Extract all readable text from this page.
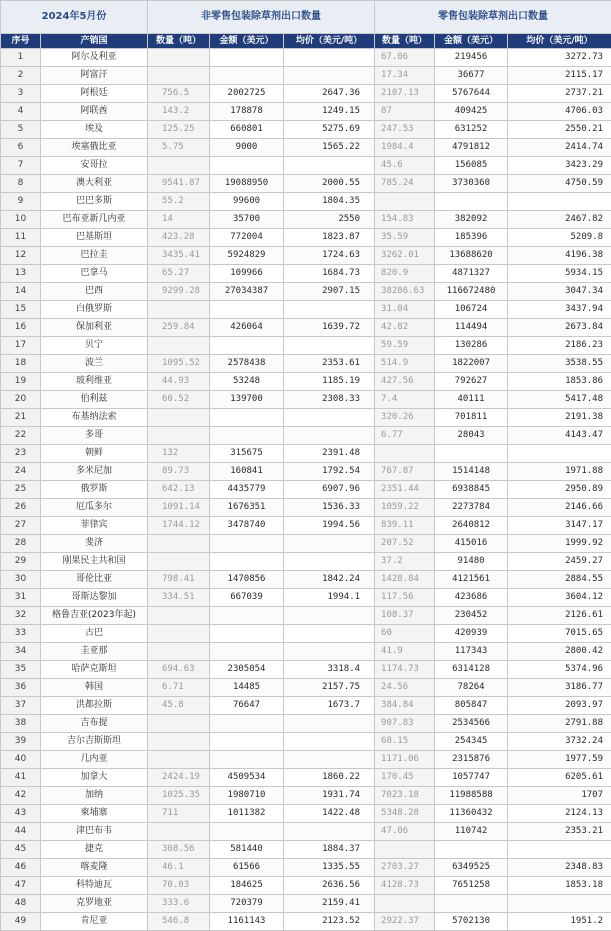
2024年5月份		非零售包装除草剂出口数量			零售包装除草剂出口数量		
序号	产销国	数量（吨）	金额（美元）	均价（美元/吨）	数量（吨）	金额（美元）	均价（美元/吨）
1	阿尔及利亚				67.06	219456	3272.73
2	阿富汗				17.34	36677	2115.17
3	阿根廷	756.5	2002725	2647.36	2107.13	5767644	2737.21
4	阿联酋	143.2	178878	1249.15	87	409425	4706.03
5	埃及	125.25	660801	5275.69	247.53	631252	2550.21
6	埃塞俄比亚	5.75	9000	1565.22	1984.4	4791812	2414.74
7	安哥拉				45.6	156085	3423.29
8	澳大利亚	9541.87	19088950	2000.55	785.24	3730360	4750.59
9	巴巴多斯	55.2	99600	1804.35			
10	巴布亚新几内亚	14	35700	2550	154.83	382092	2467.82
11	巴基斯坦	423.28	772004	1823.87	35.59	185396	5209.8
12	巴拉圭	3435.41	5924829	1724.63	3262.01	13688620	4196.38
13	巴拿马	65.27	109966	1684.73	820.9	4871327	5934.15
14	巴西	9299.28	27034387	2907.15	38286.63	116672480	3047.34
15	白俄罗斯				31.04	106724	3437.94
16	保加利亚	259.84	426064	1639.72	42.82	114494	2673.84
17	贝宁				59.59	130286	2186.23
18	波兰	1095.52	2578438	2353.61	514.9	1822007	3538.55
19	玻利维亚	44.93	53248	1185.19	427.56	792627	1853.86
20	伯利兹	60.52	139700	2308.33	7.4	40111	5417.48
21	布基纳法索				320.26	701811	2191.38
22	多哥				6.77	28043	4143.47
23	朝鲜	132	315675	2391.48			
24	多米尼加	89.73	160841	1792.54	767.87	1514148	1971.88
25	俄罗斯	642.13	4435779	6907.96	2351.44	6938845	2950.89
26	厄瓜多尔	1091.14	1676351	1536.33	1059.22	2273784	2146.66
27	菲律宾	1744.12	3478740	1994.56	839.11	2640812	3147.17
28	斐济				207.52	415016	1999.92
29	刚果民主共和国				37.2	91480	2459.27
30	哥伦比亚	798.41	1470856	1842.24	1428.84	4121561	2884.55
31	哥斯达黎加	334.51	667039	1994.1	117.56	423686	3604.12
32	格鲁吉亚(2023年起)				108.37	230452	2126.61
33	古巴				60	420939	7015.65
34	圭亚那				41.9	117343	2800.42
35	哈萨克斯坦	694.63	2305054	3318.4	1174.73	6314128	5374.96
36	韩国	6.71	14485	2157.75	24.56	78264	3186.77
37	洪都拉斯	45.8	76647	1673.7	384.84	805847	2093.97
38	吉布提				907.83	2534566	2791.88
39	吉尔吉斯斯坦				68.15	254345	3732.24
40	几内亚				1171.06	2315876	1977.59
41	加拿大	2424.19	4509534	1860.22	170.45	1057747	6205.61
42	加纳	1025.35	1980710	1931.74	7023.18	11988588	1707
43	柬埔寨	711	1011382	1422.48	5348.28	11360432	2124.13
44	津巴布韦				47.06	110742	2353.21
45	捷克	308.56	581440	1884.37			
46	喀麦隆	46.1	61566	1335.55	2703.27	6349525	2348.83
47	科特迪瓦	70.03	184625	2636.56	4128.73	7651258	1853.18
48	克罗地亚	333.6	720379	2159.41			
49	肯尼亚	546.8	1161143	2123.52	2922.37	5702130	1951.2
